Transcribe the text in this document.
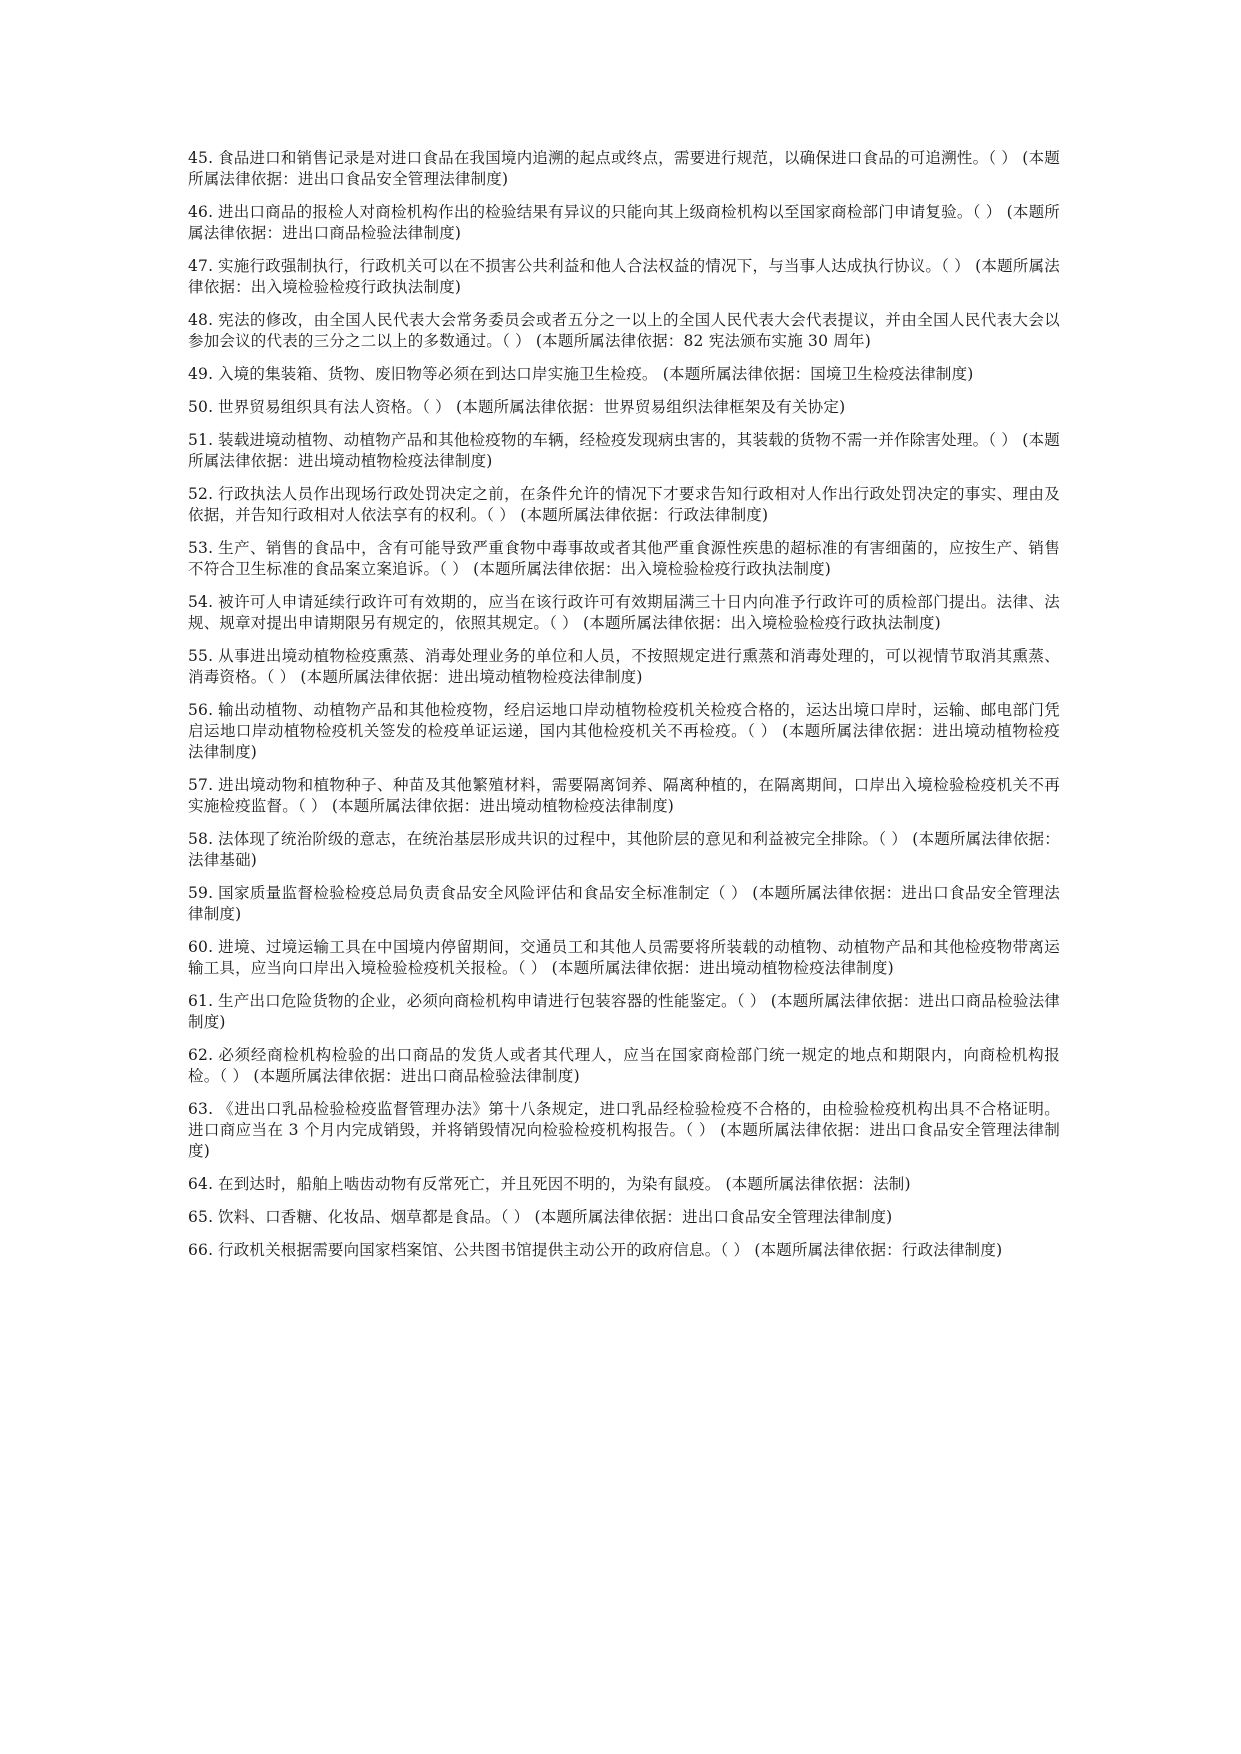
45. 食品进口和销售记录是对进口食品在我国境内追溯的起点或终点，需要进行规范，以确保进口食品的可追溯性。（ ） (本题所属法律依据：进出口食品安全管理法律制度)

46. 进出口商品的报检人对商检机构作出的检验结果有异议的只能向其上级商检机构以至国家商检部门申请复验。（ ） (本题所属法律依据：进出口商品检验法律制度)

47. 实施行政强制执行，行政机关可以在不损害公共利益和他人合法权益的情况下，与当事人达成执行协议。（ ） (本题所属法律依据：出入境检验检疫行政执法制度)

48. 宪法的修改，由全国人民代表大会常务委员会或者五分之一以上的全国人民代表大会代表提议，并由全国人民代表大会以参加会议的代表的三分之二以上的多数通过。（ ） (本题所属法律依据：82 宪法颁布实施 30 周年)

49. 入境的集装箱、货物、废旧物等必须在到达口岸实施卫生检疫。 (本题所属法律依据：国境卫生检疫法律制度)

50. 世界贸易组织具有法人资格。（ ） (本题所属法律依据：世界贸易组织法律框架及有关协定)

51. 装载进境动植物、动植物产品和其他检疫物的车辆，经检疫发现病虫害的，其装载的货物不需一并作除害处理。（ ） (本题所属法律依据：进出境动植物检疫法律制度)

52. 行政执法人员作出现场行政处罚决定之前，在条件允许的情况下才要求告知行政相对人作出行政处罚决定的事实、理由及依据，并告知行政相对人依法享有的权利。（ ） (本题所属法律依据：行政法律制度)

53. 生产、销售的食品中，含有可能导致严重食物中毒事故或者其他严重食源性疾患的超标准的有害细菌的，应按生产、销售不符合卫生标准的食品案立案追诉。（ ） (本题所属法律依据：出入境检验检疫行政执法制度)

54. 被许可人申请延续行政许可有效期的，应当在该行政许可有效期届满三十日内向准予行政许可的质检部门提出。法律、法规、规章对提出申请期限另有规定的，依照其规定。（ ） (本题所属法律依据：出入境检验检疫行政执法制度)

55. 从事进出境动植物检疫熏蒸、消毒处理业务的单位和人员，不按照规定进行熏蒸和消毒处理的，可以视情节取消其熏蒸、消毒资格。（ ） (本题所属法律依据：进出境动植物检疫法律制度)

56. 输出动植物、动植物产品和其他检疫物，经启运地口岸动植物检疫机关检疫合格的，运达出境口岸时，运输、邮电部门凭启运地口岸动植物检疫机关签发的检疫单证运递，国内其他检疫机关不再检疫。（ ） (本题所属法律依据：进出境动植物检疫法律制度)

57. 进出境动物和植物种子、种苗及其他繁殖材料，需要隔离饲养、隔离种植的，在隔离期间，口岸出入境检验检疫机关不再实施检疫监督。（ ） (本题所属法律依据：进出境动植物检疫法律制度)

58. 法体现了统治阶级的意志，在统治基层形成共识的过程中，其他阶层的意见和利益被完全排除。（ ） (本题所属法律依据：法律基础)

59. 国家质量监督检验检疫总局负责食品安全风险评估和食品安全标准制定（ ） (本题所属法律依据：进出口食品安全管理法律制度)

60. 进境、过境运输工具在中国境内停留期间，交通员工和其他人员需要将所装载的动植物、动植物产品和其他检疫物带离运输工具，应当向口岸出入境检验检疫机关报检。（ ） (本题所属法律依据：进出境动植物检疫法律制度)

61. 生产出口危险货物的企业，必须向商检机构申请进行包装容器的性能鉴定。（ ） (本题所属法律依据：进出口商品检验法律制度)

62. 必须经商检机构检验的出口商品的发货人或者其代理人，应当在国家商检部门统一规定的地点和期限内，向商检机构报检。（ ） (本题所属法律依据：进出口商品检验法律制度)

63. 《进出口乳品检验检疫监督管理办法》第十八条规定，进口乳品经检验检疫不合格的，由检验检疫机构出具不合格证明。进口商应当在 3 个月内完成销毁，并将销毁情况向检验检疫机构报告。（ ） (本题所属法律依据：进出口食品安全管理法律制度)

64. 在到达时，船舶上啮齿动物有反常死亡，并且死因不明的，为染有鼠疫。 (本题所属法律依据：法制)

65. 饮料、口香糖、化妆品、烟草都是食品。（ ） (本题所属法律依据：进出口食品安全管理法律制度)

66. 行政机关根据需要向国家档案馆、公共图书馆提供主动公开的政府信息。（ ） (本题所属法律依据：行政法律制度)
